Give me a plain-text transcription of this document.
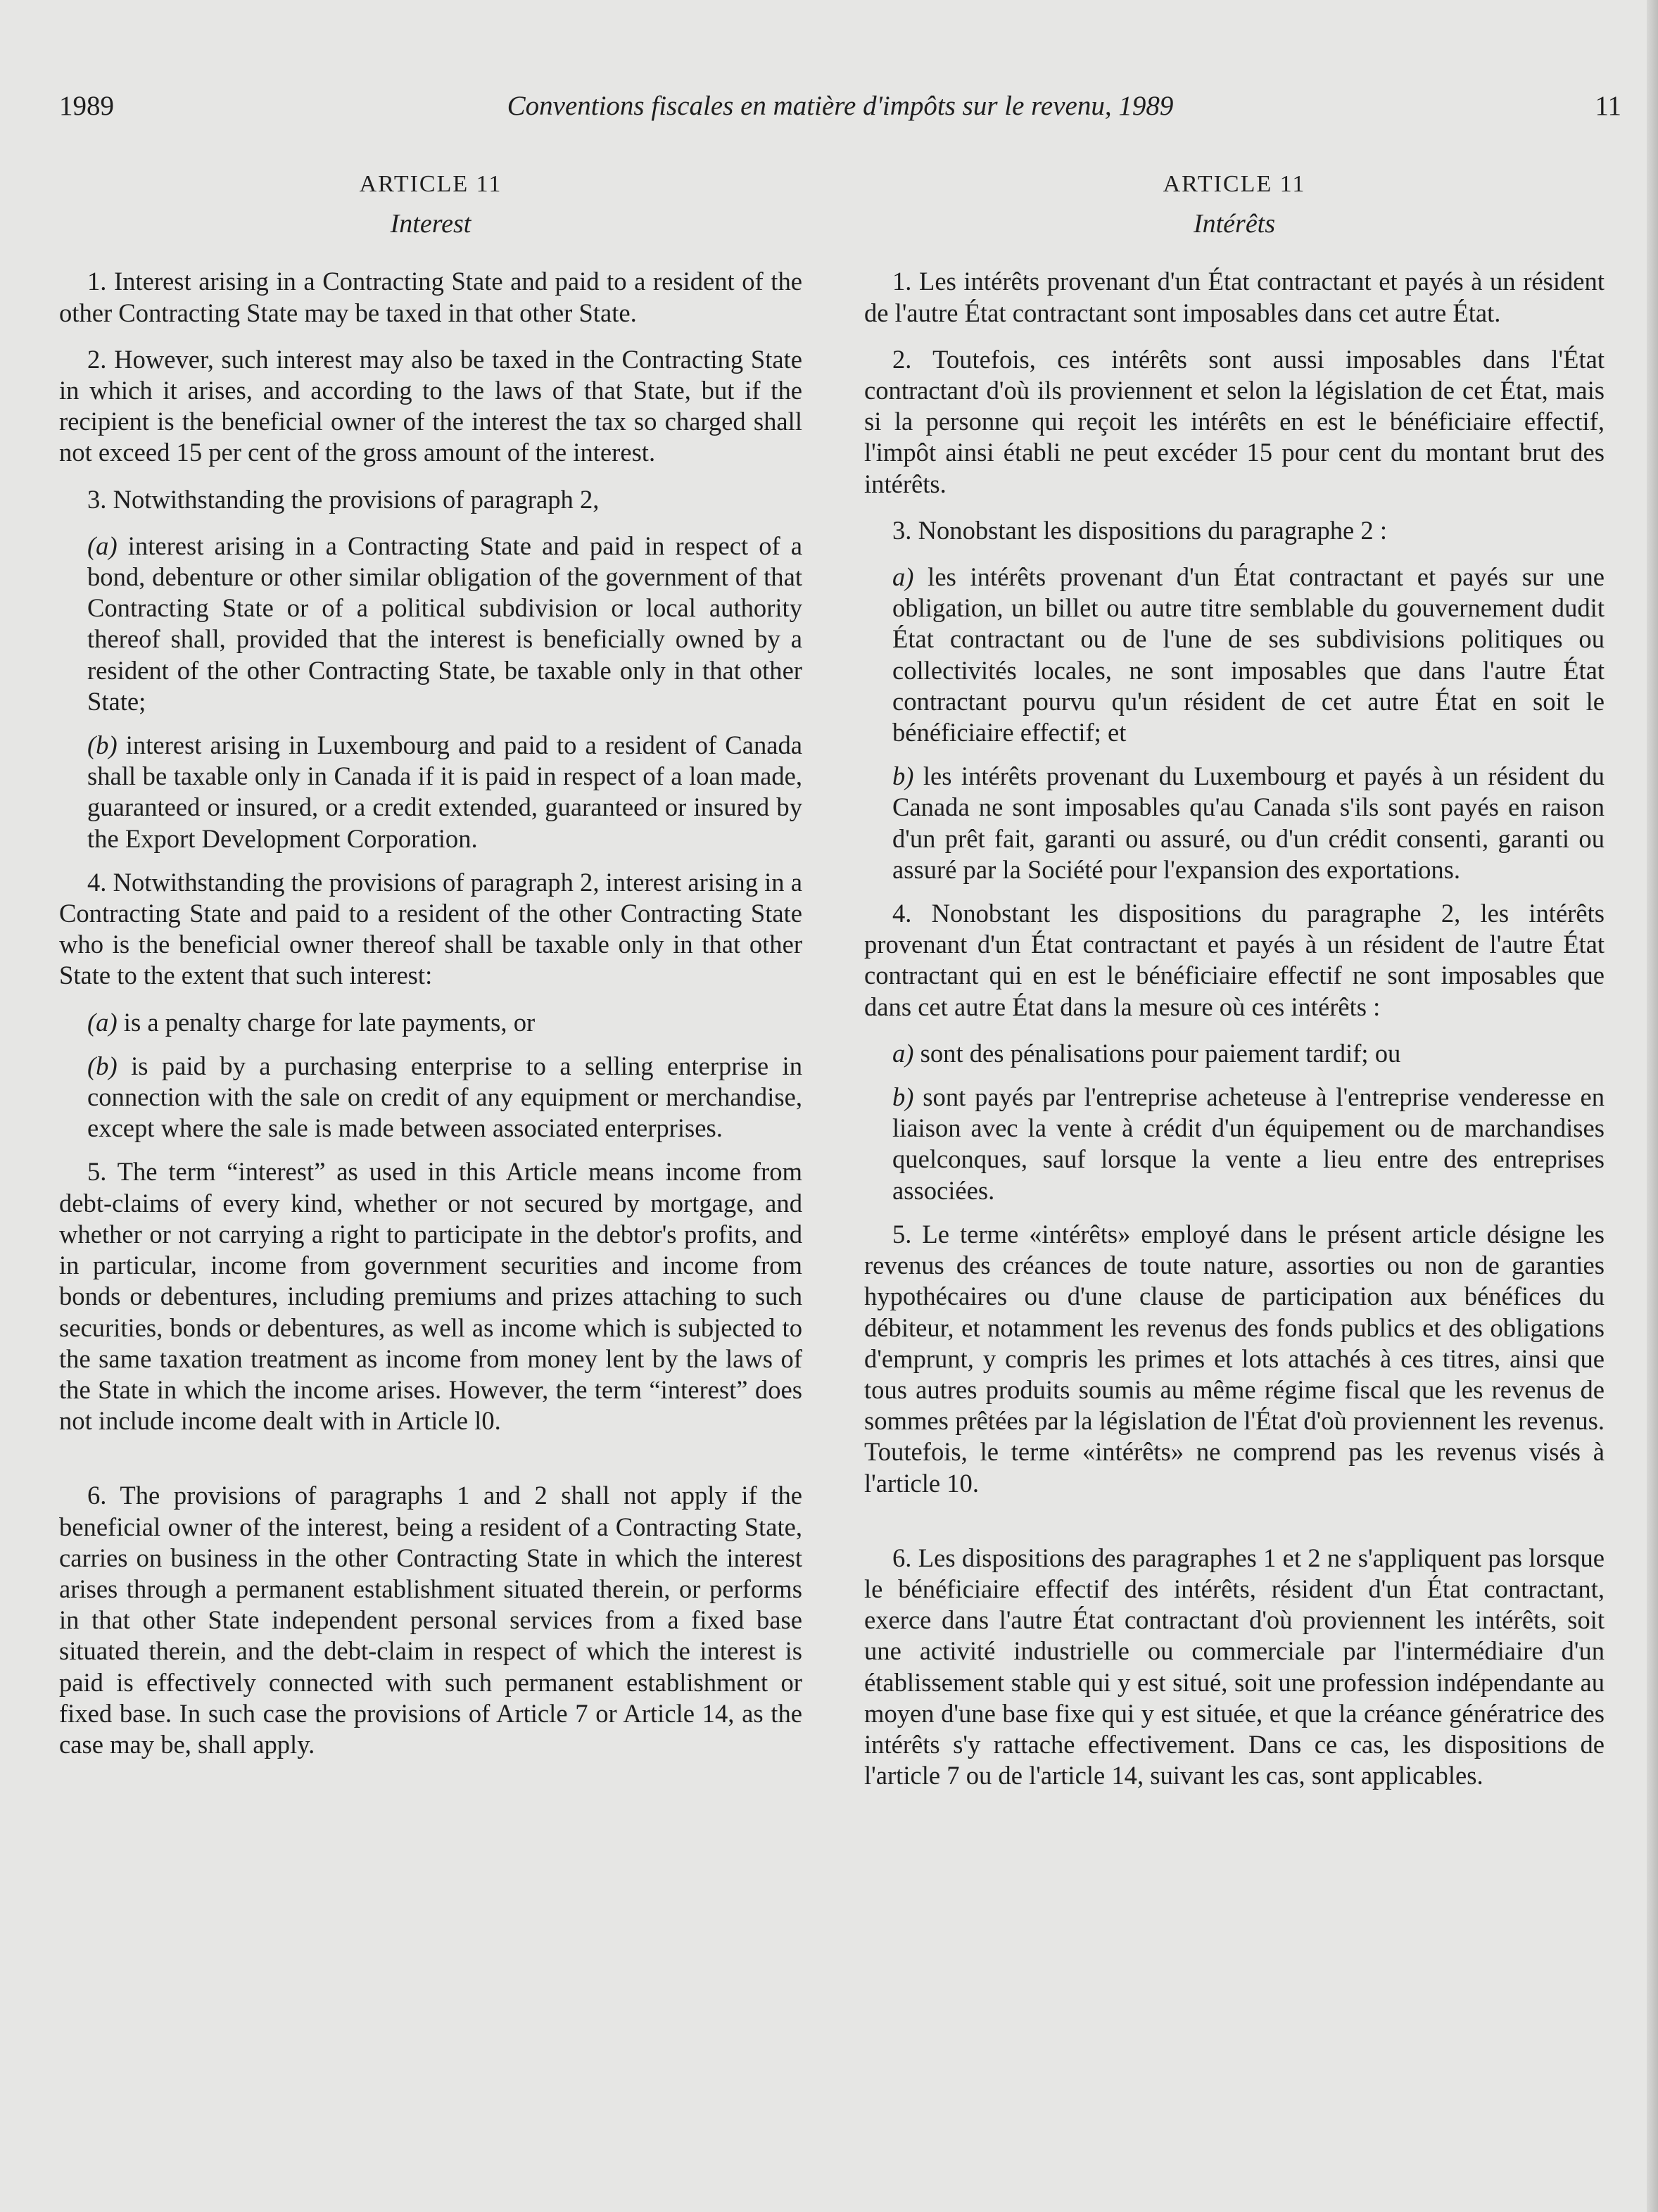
1989	Conventions fiscales en matière d'impôts sur le revenu, 1989	11
ARTICLE 11
Interest

1. Interest arising in a Contracting State and paid to a resident of the other Contracting State may be taxed in that other State.

2. However, such interest may also be taxed in the Contracting State in which it arises, and according to the laws of that State, but if the recipient is the beneficial owner of the interest the tax so charged shall not exceed 15 per cent of the gross amount of the interest.

3. Notwithstanding the provisions of paragraph 2,

(a) interest arising in a Contracting State and paid in respect of a bond, debenture or other similar obligation of the government of that Contracting State or of a political subdivision or local authority thereof shall, provided that the interest is beneficially owned by a resident of the other Contracting State, be taxable only in that other State;

(b) interest arising in Luxembourg and paid to a resident of Canada shall be taxable only in Canada if it is paid in respect of a loan made, guaranteed or insured, or a credit extended, guaranteed or insured by the Export Development Corporation.

4. Notwithstanding the provisions of paragraph 2, interest arising in a Contracting State and paid to a resident of the other Contracting State who is the beneficial owner thereof shall be taxable only in that other State to the extent that such interest:

(a) is a penalty charge for late payments, or

(b) is paid by a purchasing enterprise to a selling enterprise in connection with the sale on credit of any equipment or merchandise, except where the sale is made between associated enterprises.

5. The term “interest” as used in this Article means income from debt-claims of every kind, whether or not secured by mortgage, and whether or not carrying a right to participate in the debtor's profits, and in particular, income from government securities and income from bonds or debentures, including premiums and prizes attaching to such securities, bonds or debentures, as well as income which is subjected to the same taxation treatment as income from money lent by the laws of the State in which the income arises. However, the term “interest” does not include income dealt with in Article l0.

6. The provisions of paragraphs 1 and 2 shall not apply if the beneficial owner of the interest, being a resident of a Contracting State, carries on business in the other Contracting State in which the interest arises through a permanent establishment situated therein, or performs in that other State independent personal services from a fixed base situated therein, and the debt-claim in respect of which the interest is paid is effectively connected with such permanent establishment or fixed base. In such case the provisions of Article 7 or Article 14, as the case may be, shall apply.

ARTICLE 11
Intérêts

1. Les intérêts provenant d'un État contractant et payés à un résident de l'autre État contractant sont imposables dans cet autre État.

2. Toutefois, ces intérêts sont aussi imposables dans l'État contractant d'où ils proviennent et selon la législation de cet État, mais si la personne qui reçoit les intérêts en est le bénéficiaire effectif, l'impôt ainsi établi ne peut excéder 15 pour cent du montant brut des intérêts.

3. Nonobstant les dispositions du paragraphe 2 :

a) les intérêts provenant d'un État contractant et payés sur une obligation, un billet ou autre titre semblable du gouvernement dudit État contractant ou de l'une de ses subdivisions politiques ou collectivités locales, ne sont imposables que dans l'autre État contractant pourvu qu'un résident de cet autre État en soit le bénéficiaire effectif; et

b) les intérêts provenant du Luxembourg et payés à un résident du Canada ne sont imposables qu'au Canada s'ils sont payés en raison d'un prêt fait, garanti ou assuré, ou d'un crédit consenti, garanti ou assuré par la Société pour l'expansion des exportations.

4. Nonobstant les dispositions du paragraphe 2, les intérêts provenant d'un État contractant et payés à un résident de l'autre État contractant qui en est le bénéficiaire effectif ne sont imposables que dans cet autre État dans la mesure où ces intérêts :

a) sont des pénalisations pour paiement tardif; ou

b) sont payés par l'entreprise acheteuse à l'entreprise venderesse en liaison avec la vente à crédit d'un équipement ou de marchandises quelconques, sauf lorsque la vente a lieu entre des entreprises associées.

5. Le terme «intérêts» employé dans le présent article désigne les revenus des créances de toute nature, assorties ou non de garanties hypothécaires ou d'une clause de participation aux bénéfices du débiteur, et notamment les revenus des fonds publics et des obligations d'emprunt, y compris les primes et lots attachés à ces titres, ainsi que tous autres produits soumis au même régime fiscal que les revenus de sommes prêtées par la législation de l'État d'où proviennent les revenus. Toutefois, le terme «intérêts» ne comprend pas les revenus visés à l'article 10.

6. Les dispositions des paragraphes 1 et 2 ne s'appliquent pas lorsque le bénéficiaire effectif des intérêts, résident d'un État contractant, exerce dans l'autre État contractant d'où proviennent les intérêts, soit une activité industrielle ou commerciale par l'intermédiaire d'un établissement stable qui y est situé, soit une profession indépendante au moyen d'une base fixe qui y est située, et que la créance génératrice des intérêts s'y rattache effectivement. Dans ce cas, les dispositions de l'article 7 ou de l'article 14, suivant les cas, sont applicables.
